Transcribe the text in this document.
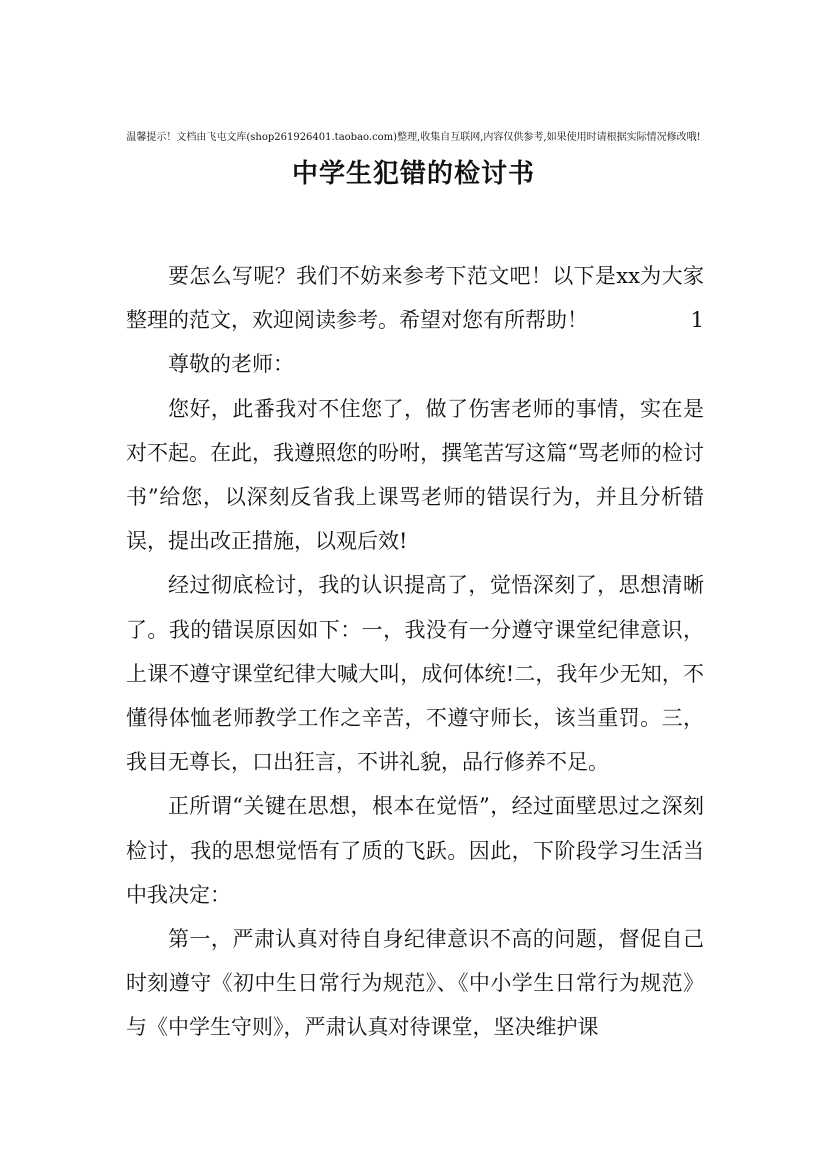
温馨提示！文档由飞屯文库(shop261926401.taobao.com)整理,收集自互联网,内容仅供参考,如果使用时请根据实际情况修改哦!
中学生犯错的检讨书

要怎么写呢？我们不妨来参考下范文吧！以下是xx为大家整理的范文，欢迎阅读参考。希望对您有所帮助！	1

尊敬的老师：

您好，此番我对不住您了，做了伤害老师的事情，实在是对不起。在此，我遵照您的吩咐，撰笔苦写这篇“骂老师的检讨书”给您，以深刻反省我上课骂老师的错误行为，并且分析错误，提出改正措施，以观后效!

经过彻底检讨，我的认识提高了，觉悟深刻了，思想清晰了。我的错误原因如下：一，我没有一分遵守课堂纪律意识，上课不遵守课堂纪律大喊大叫，成何体统!二，我年少无知，不懂得体恤老师教学工作之辛苦，不遵守师长，该当重罚。三，我目无尊长，口出狂言，不讲礼貌，品行修养不足。

正所谓“关键在思想，根本在觉悟”，经过面壁思过之深刻检讨，我的思想觉悟有了质的飞跃。因此，下阶段学习生活当中我决定：

第一，严肃认真对待自身纪律意识不高的问题，督促自己时刻遵守《初中生日常行为规范》、《中小学生日常行为规范》与《中学生守则》，严肃认真对待课堂，坚决维护课
